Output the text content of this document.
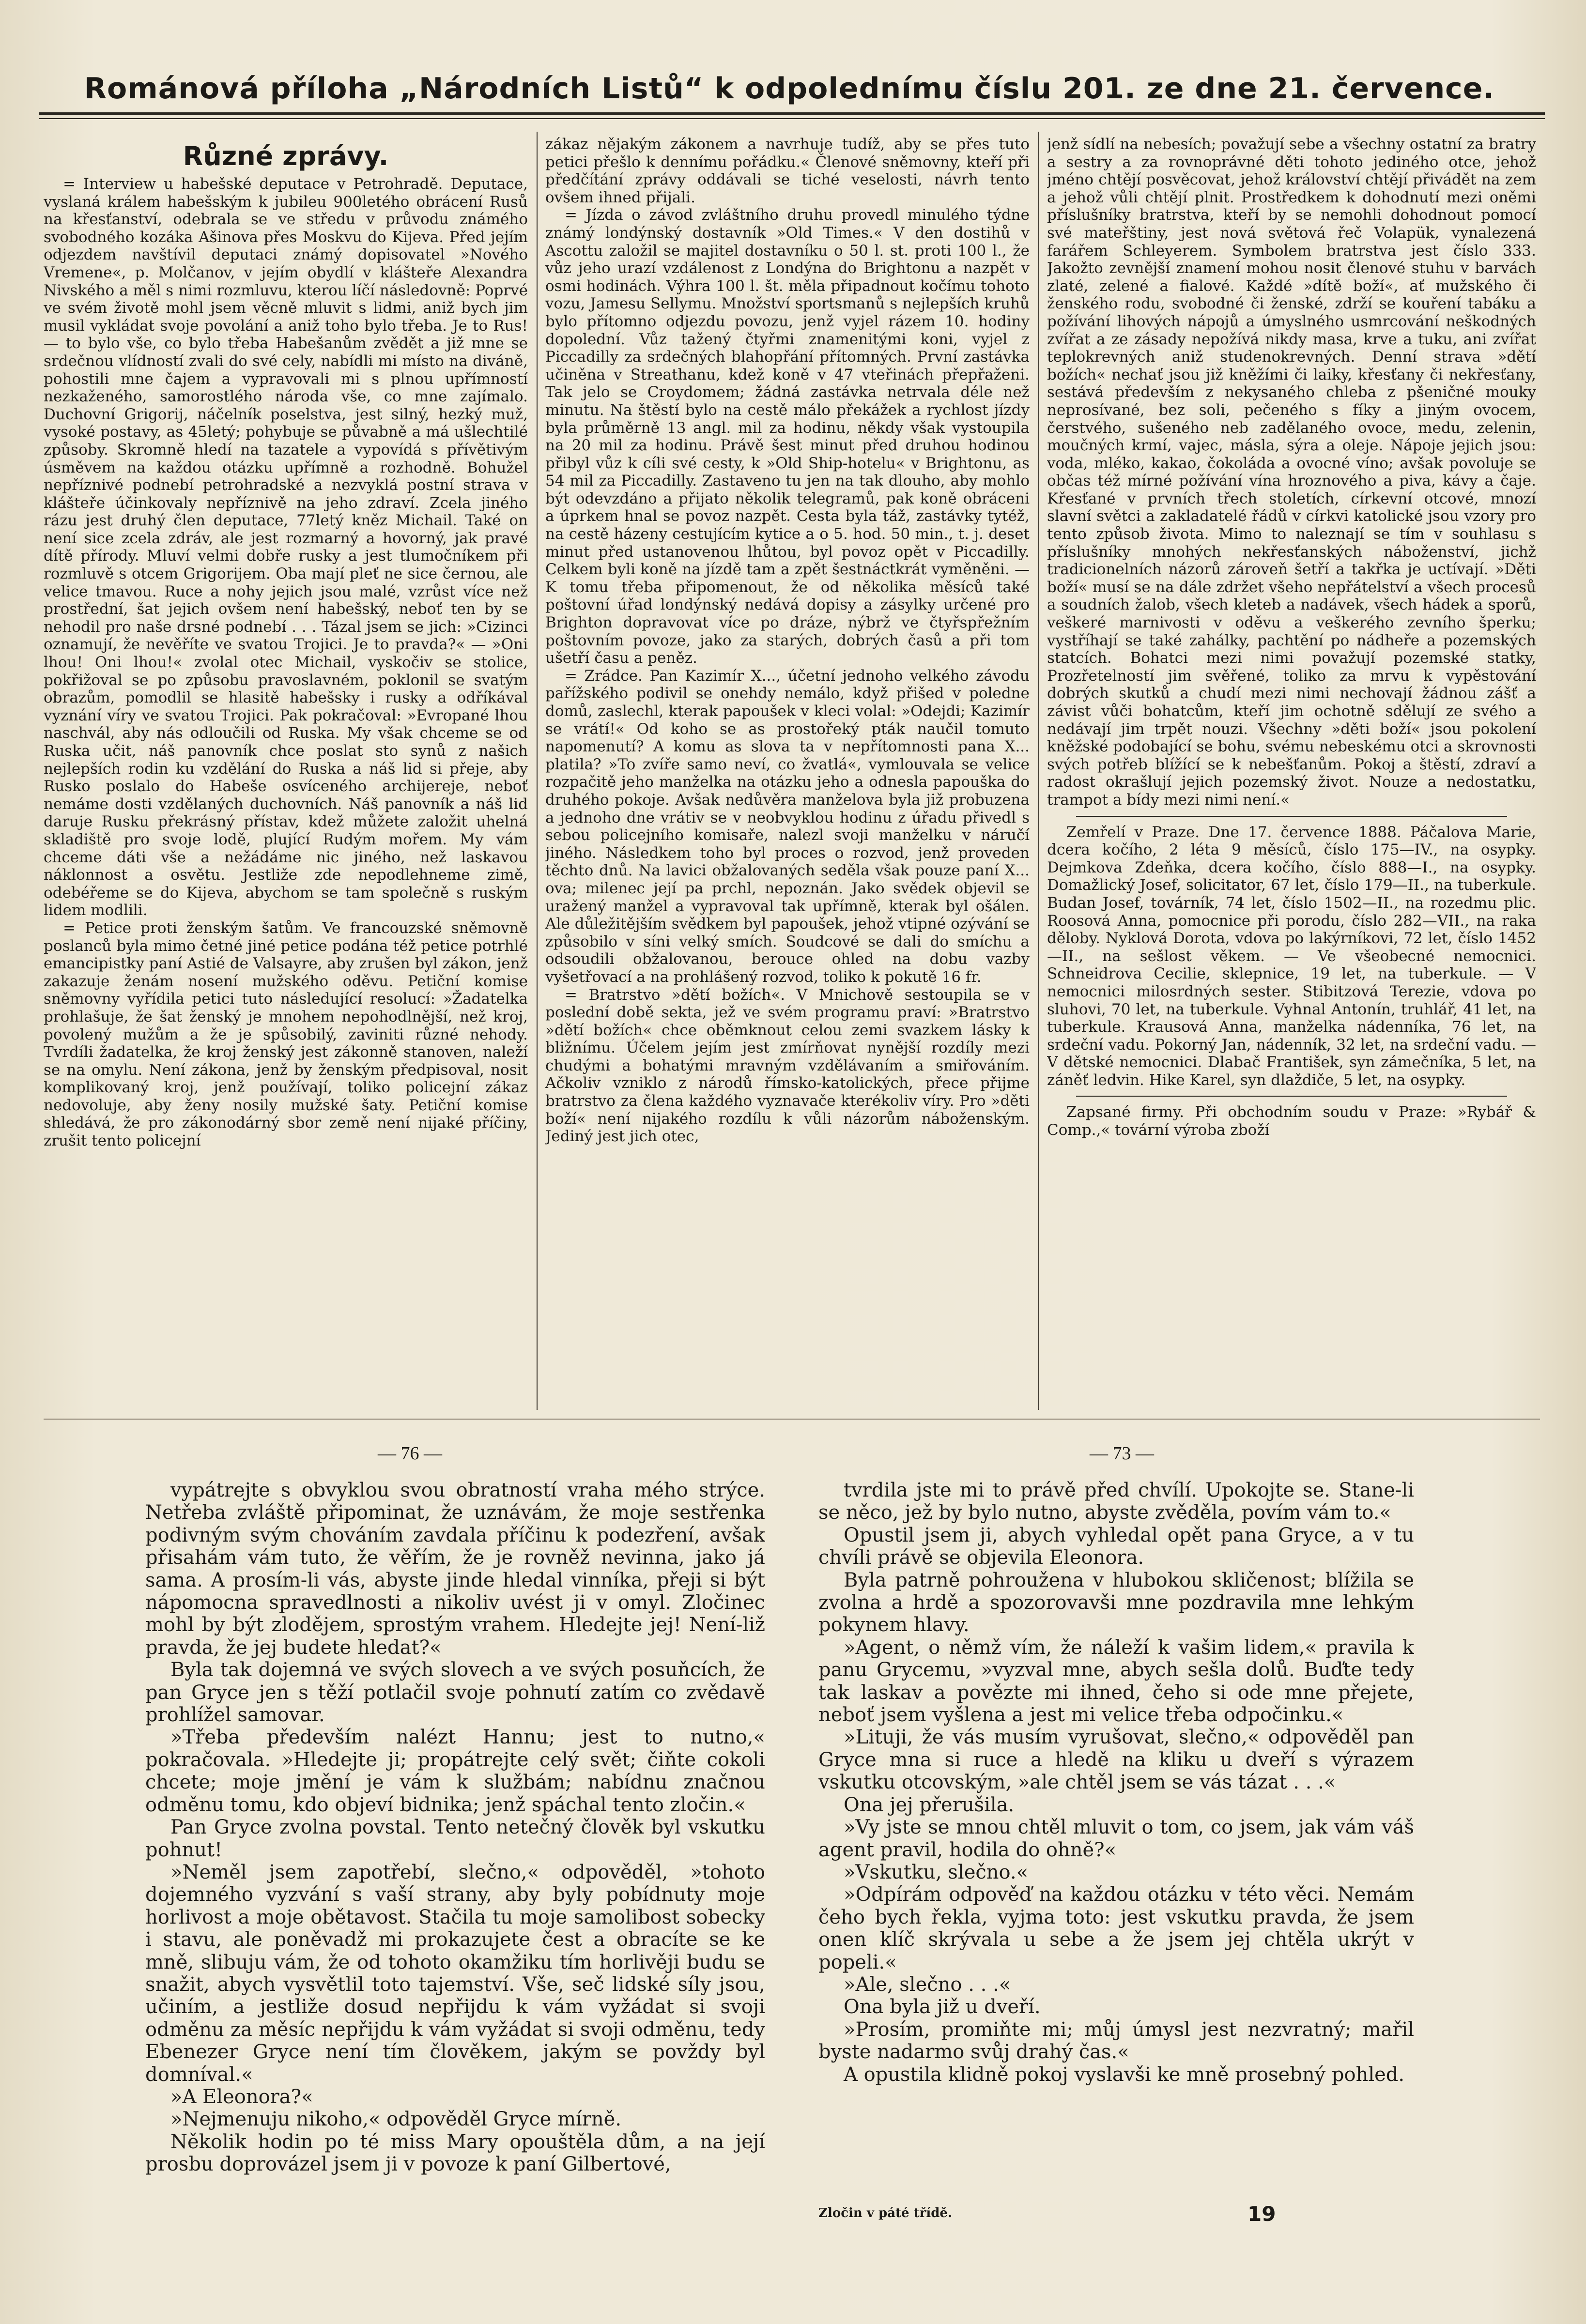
Románová příloha „Národních Listů“ k odpolednímu číslu 201. ze dne 21. července.
Různé zprávy.

= Interview u habešské deputace v Petrohradě. Deputace, vyslaná králem habešským k jubileu 900letého obrácení Rusů na křesťanství, odebrala se ve středu v průvodu známého svobodného kozáka Ašinova přes Moskvu do Kijeva. Před jejím odjezdem navštívil deputaci známý dopisovatel »Nového Vremene«, p. Molčanov, v jejím obydlí v klášteře Alexandra Nivského a měl s nimi rozmluvu, kterou líčí následovně: Poprvé ve svém životě mohl jsem věcně mluvit s lidmi, aniž bych jim musil vykládat svoje povolání a aniž toho bylo třeba. Je to Rus! — to bylo vše, co bylo třeba Habešanům zvědět a již mne se srdečnou vlídností zvali do své cely, nabídli mi místo na diváně, pohostili mne čajem a vypravovali mi s plnou upřímností nezkaženého, samorostlého národa vše, co mne zajímalo. Duchovní Grigorij, náčelník poselstva, jest silný, hezký muž, vysoké postavy, as 45letý; pohybuje se půvabně a má ušlechtilé způsoby. Skromně hledí na tazatele a vypovídá s přívětivým úsměvem na každou otázku upřímně a rozhodně. Bohužel nepříznivé podnebí petrohradské a nezvyklá postní strava v klášteře účinkovaly nepříznivě na jeho zdraví. Zcela jiného rázu jest druhý člen deputace, 77letý kněz Michail. Také on není sice zcela zdráv, ale jest rozmarný a hovorný, jak pravé dítě přírody. Mluví velmi dobře rusky a jest tlumočníkem při rozmluvě s otcem Grigorijem. Oba mají pleť ne sice černou, ale velice tmavou. Ruce a nohy jejich jsou malé, vzrůst více než prostřední, šat jejich ovšem není habešský, neboť ten by se nehodil pro naše drsné podnebí . . . Tázal jsem se jich: »Cizinci oznamují, že nevěříte ve svatou Trojici. Je to pravda?« — »Oni lhou! Oni lhou!« zvolal otec Michail, vyskočiv se stolice, pokřižoval se po způsobu pravoslavném, poklonil se svatým obrazům, pomodlil se hlasitě habešsky i rusky a odříkával vyznání víry ve svatou Trojici. Pak pokračoval: »Evropané lhou naschvál, aby nás odloučili od Ruska. My však chceme se od Ruska učit, náš panovník chce poslat sto synů z našich nejlepších rodin ku vzdělání do Ruska a náš lid si přeje, aby Rusko poslalo do Habeše osvíceného archijereje, neboť nemáme dosti vzdělaných duchovních. Náš panovník a náš lid daruje Rusku překrásný přístav, kdež můžete založit uhelná skladiště pro svoje lodě, plující Rudým mořem. My vám chceme dáti vše a nežádáme nic jiného, než laskavou náklonnost a osvětu. Jestliže zde nepodlehneme zimě, odebéřeme se do Kijeva, abychom se tam společně s ruským lidem modlili.

= Petice proti ženským šatům. Ve francouzské sněmovně poslanců byla mimo četné jiné petice podána též petice potrhlé emancipistky paní Astié de Valsayre, aby zrušen byl zákon, jenž zakazuje ženám nosení mužského oděvu. Petiční komise sněmovny vyřídila petici tuto následující resolucí: »Žadatelka prohlašuje, že šat ženský je mnohem nepohodlnější, než kroj, povolený mužům a že je spůsobilý, zaviniti různé nehody. Tvrdíli žadatelka, že kroj ženský jest zákonně stanoven, naleží se na omylu. Není zákona, jenž by ženským předpisoval, nosit komplikovaný kroj, jenž používají, toliko policejní zákaz nedovoluje, aby ženy nosily mužské šaty. Petiční komise shledává, že pro zákonodárný sbor země není nijaké příčiny, zrušit tento policejní

zákaz nějakým zákonem a navrhuje tudíž, aby se přes tuto petici přešlo k dennímu pořádku.« Členové sněmovny, kteří při předčítání zprávy oddávali se tiché veselosti, návrh tento ovšem ihned přijali.

= Jízda o závod zvláštního druhu provedl minulého týdne známý londýnský dostavník »Old Times.« V den dostihů v Ascottu založil se majitel dostavníku o 50 l. st. proti 100 l., že vůz jeho urazí vzdálenost z Londýna do Brightonu a nazpět v osmi hodinách. Výhra 100 l. št. měla připadnout kočímu tohoto vozu, Jamesu Sellymu. Množství sportsmanů s nejlepších kruhů bylo přítomno odjezdu povozu, jenž vyjel rázem 10. hodiny dopolední. Vůz tažený čtyřmi znamenitými koni, vyjel z Piccadilly za srdečných blahopřání přítomných. První zastávka učiněna v Streathanu, kdež koně v 47 vteřinách přepřaženi. Tak jelo se Croydomem; žádná zastávka netrvala déle než minutu. Na štěstí bylo na cestě málo překážek a rychlost jízdy byla průměrně 13 angl. mil za hodinu, někdy však vystoupila na 20 mil za hodinu. Právě šest minut před druhou hodinou přibyl vůz k cíli své cesty, k »Old Ship-hotelu« v Brightonu, as 54 mil za Piccadilly. Zastaveno tu jen na tak dlouho, aby mohlo být odevzdáno a přijato několik telegramů, pak koně obráceni a úprkem hnal se povoz nazpět. Cesta byla táž, zastávky tytéž, na cestě házeny cestujícím kytice a o 5. hod. 50 min., t. j. deset minut před ustanovenou lhůtou, byl povoz opět v Piccadilly. Celkem byli koně na jízdě tam a zpět šestnáctkrát vyměněni. — K tomu třeba připomenout, že od několika měsíců také poštovní úřad londýnský nedává dopisy a zásylky určené pro Brighton dopravovat více po dráze, nýbrž ve čtyřspřežním poštovním povoze, jako za starých, dobrých časů a při tom ušetří času a peněz.

= Zrádce. Pan Kazimír X..., účetní jednoho velkého závodu pařížského podivil se onehdy nemálo, když přišed v poledne domů, zaslechl, kterak papoušek v kleci volal: »Odejdi; Kazimír se vrátí!« Od koho se as prostořeký pták naučil tomuto napomenutí? A komu as slova ta v nepřítomnosti pana X... platila? »To zvíře samo neví, co žvatlá«, vymlouvala se velice rozpačitě jeho manželka na otázku jeho a odnesla papouška do druhého pokoje. Avšak nedůvěra manželova byla již probuzena a jednoho dne vrátiv se v neobvyklou hodinu z úřadu přivedl s sebou policejního komisaře, nalezl svoji manželku v náručí jiného. Následkem toho byl proces o rozvod, jenž proveden těchto dnů. Na lavici obžalovaných seděla však pouze paní X... ova; milenec její pa prchl, nepoznán. Jako svědek objevil se uražený manžel a vypravoval tak upřímně, kterak byl ošálen. Ale důležitějším svědkem byl papoušek, jehož vtipné ozývání se způsobilo v síni velký smích. Soudcové se dali do smíchu a odsoudili obžalovanou, berouce ohled na dobu vazby vyšetřovací a na prohlášený rozvod, toliko k pokutě 16 fr.

= Bratrstvo »dětí božích«. V Mnichově sestoupila se v poslední době sekta, jež ve svém programu praví: »Bratrstvo »dětí božích« chce oběmknout celou zemi svazkem lásky k bližnímu. Účelem jejím jest zmírňovat nynější rozdíly mezi chudými a bohatými mravným vzdělávaním a smiřováním. Ačkoliv vzniklo z národů římsko-katolických, přece přijme bratrstvo za člena každého vyznavače kterékoliv víry. Pro »děti boží« není nijakého rozdílu k vůli názorům náboženským. Jediný jest jich otec,

jenž sídlí na nebesích; považují sebe a všechny ostatní za bratry a sestry a za rovnoprávné děti tohoto jediného otce, jehož jméno chtějí posvěcovat, jehož království chtějí přivádět na zem a jehož vůli chtějí plnit. Prostředkem k dohodnutí mezi oněmi příslušníky bratrstva, kteří by se nemohli dohodnout pomocí své mateřštiny, jest nová světová řeč Volapük, vynalezená farářem Schleyerem. Symbolem bratrstva jest číslo 333. Jakožto zevnější znamení mohou nosit členové stuhu v barvách zlaté, zelené a fialové. Každé »dítě boží«, ať mužského či ženského rodu, svobodné či ženské, zdrží se kouření tabáku a požívání lihových nápojů a úmyslného usmrcování neškodných zvířat a ze zásady nepožívá nikdy masa, krve a tuku, ani zvířat teplokrevných aniž studenokrevných. Denní strava »dětí božích« nechať jsou již kněžími či laiky, křesťany či nekřesťany, sestává především z nekysaného chleba z pšeničné mouky neprosívané, bez soli, pečeného s fíky a jiným ovocem, čerstvého, sušeného neb zadělaného ovoce, medu, zelenin, moučných krmí, vajec, másla, sýra a oleje. Nápoje jejich jsou: voda, mléko, kakao, čokoláda a ovocné víno; avšak povoluje se občas též mírné požívání vína hroznového a piva, kávy a čaje. Křesťané v prvních třech stoletích, církevní otcové, mnozí slavní světci a zakladatelé řádů v církvi katolické jsou vzory pro tento způsob života. Mimo to naleznají se tím v souhlasu s příslušníky mnohých nekřesťanských náboženství, jichž tradicionelních názorů zároveň šetří a takřka je uctívají. »Děti boží« musí se na dále zdržet všeho nepřátelství a všech procesů a soudních žalob, všech kleteb a nadávek, všech hádek a sporů, veškeré marnivosti v oděvu a veškerého zevního šperku; vystříhají se také zahálky, pachtění po nádheře a pozemských statcích. Bohatci mezi nimi považují pozemské statky, Prozřetelností jim svěřené, toliko za mrvu k vypěstování dobrých skutků a chudí mezi nimi nechovají žádnou zášť a závist vůči bohatcům, kteří jim ochotně sdělují ze svého a nedávají jim trpět nouzi. Všechny »děti boží« jsou pokolení kněžské podobající se bohu, svému nebeskému otci a skrovnosti svých potřeb blížící se k nebešťanům. Pokoj a štěstí, zdraví a radost okrašlují jejich pozemský život. Nouze a nedostatku, trampot a bídy mezi nimi není.«

Zemřelí v Praze. Dne 17. července 1888. Páčalova Marie, dcera kočího, 2 léta 9 měsíců, číslo 175—IV., na osypky. Dejmkova Zdeňka, dcera kočího, číslo 888—I., na osypky. Domažlický Josef, solicitator, 67 let, číslo 179—II., na tuberkule. Budan Josef, továrník, 74 let, číslo 1502—II., na rozedmu plic. Roosová Anna, pomocnice při porodu, číslo 282—VII., na raka děloby. Nyklová Dorota, vdova po lakýrníkovi, 72 let, číslo 1452—II., na sešlost věkem. — Ve všeobecné nemocnici. Schneidrova Cecilie, sklepnice, 19 let, na tuberkule. — V nemocnici milosrdných sester. Stibitzová Terezie, vdova po sluhovi, 70 let, na tuberkule. Vyhnal Antonín, truhlář, 41 let, na tuberkule. Krausová Anna, manželka nádenníka, 76 let, na srdeční vadu. Pokorný Jan, nádenník, 32 let, na srdeční vadu. — V dětské nemocnici. Dlabač František, syn zámečníka, 5 let, na záněť ledvin. Hike Karel, syn dlaždiče, 5 let, na osypky.

Zapsané firmy. Při obchodním soudu v Praze: »Rybář & Comp.,« tovární výroba zboží

— 76 —	— 73 —

vypátrejte s obvyklou svou obratností vraha mého strýce. Netřeba zvláště připominat, že uznávám, že moje sestřenka podivným svým chováním zavdala příčinu k podezření, avšak přisahám vám tuto, že věřím, že je rovněž nevinna, jako já sama. A prosím-li vás, abyste jinde hledal vinníka, přeji si být nápomocna spravedlnosti a nikoliv uvést ji v omyl. Zločinec mohl by být zlodějem, sprostým vrahem. Hledejte jej! Není-liž pravda, že jej budete hledat?«

Byla tak dojemná ve svých slovech a ve svých posuňcích, že pan Gryce jen s těží potlačil svoje pohnutí zatím co zvědavě prohlížel samovar.

»Třeba především nalézt Hannu; jest to nutno,« pokračovala. »Hledejte ji; propátrejte celý svět; čiňte cokoli chcete; moje jmění je vám k službám; nabídnu značnou odměnu tomu, kdo objeví bidnika; jenž spáchal tento zločin.«

Pan Gryce zvolna povstal. Tento netečný člověk byl vskutku pohnut!

»Neměl jsem zapotřebí, slečno,« odpověděl, »tohoto dojemného vyzvání s vaší strany, aby byly pobídnuty moje horlivost a moje obětavost. Stačila tu moje samolibost sobecky i stavu, ale poněvadž mi prokazujete čest a obracíte se ke mně, slibuju vám, že od tohoto okamžiku tím horlivěji budu se snažit, abych vysvětlil toto tajemství. Vše, seč lidské síly jsou, učiním, a jestliže dosud nepřijdu k vám vyžádat si svoji odměnu za měsíc nepřijdu k vám vyžádat si svoji odměnu, tedy Ebenezer Gryce není tím člověkem, jakým se povždy byl domníval.«

»A Eleonora?«

»Nejmenuju nikoho,« odpověděl Gryce mírně.

Několik hodin po té miss Mary opouštěla dům, a na její prosbu doprovázel jsem ji v povoze k paní Gilbertové,

tvrdila jste mi to právě před chvílí. Upokojte se. Stane-li se něco, jež by bylo nutno, abyste zvěděla, povím vám to.«

Opustil jsem ji, abych vyhledal opět pana Gryce, a v tu chvíli právě se objevila Eleonora.

Byla patrně pohroužena v hlubokou skličenost; blížila se zvolna a hrdě a spozorovavši mne pozdravila mne lehkým pokynem hlavy.

»Agent, o němž vím, že náleží k vašim lidem,« pravila k panu Grycemu, »vyzval mne, abych sešla dolů. Buďte tedy tak laskav a povězte mi ihned, čeho si ode mne přejete, neboť jsem vyšlena a jest mi velice třeba odpočinku.«

»Lituji, že vás musím vyrušovat, slečno,« odpověděl pan Gryce mna si ruce a hledě na kliku u dveří s výrazem vskutku otcovským, »ale chtěl jsem se vás tázat . . .«

Ona jej přerušila.

»Vy jste se mnou chtěl mluvit o tom, co jsem, jak vám váš agent pravil, hodila do ohně?«

»Vskutku, slečno.«

»Odpírám odpověď na každou otázku v této věci. Nemám čeho bych řekla, vyjma toto: jest vskutku pravda, že jsem onen klíč skrývala u sebe a že jsem jej chtěla ukrýt v popeli.«

»Ale, slečno . . .«

Ona byla již u dveří.

»Prosím, promiňte mi; můj úmysl jest nezvratný; mařil byste nadarmo svůj drahý čas.«

A opustila klidně pokoj vyslavši ke mně prosebný pohled.

Zločin v páté třídě.	19
